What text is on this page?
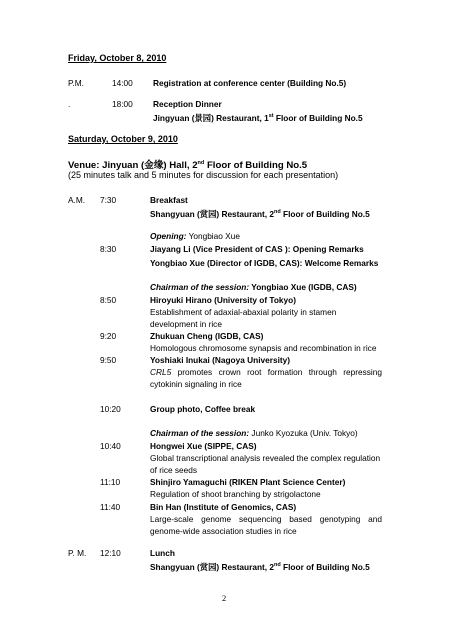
Friday, October 8, 2010
P.M.	14:00 Registration at conference center (Building No.5)
.	18:00 Reception Dinner
Jingyuan (景园) Restaurant, 1st Floor of Building No.5
Saturday, October 9, 2010
Venue: Jinyuan (金缘) Hall, 2nd Floor of Building No.5
(25 minutes talk and 5 minutes for discussion for each presentation)
A.M. 7:30	Breakfast
Shangyuan (赏园) Restaurant, 2nd Floor of Building No.5
Opening: Yongbiao Xue
8:30	Jiayang Li (Vice President of CAS ): Opening Remarks
Yongbiao Xue (Director of IGDB, CAS): Welcome Remarks
Chairman of the session: Yongbiao Xue (IGDB, CAS)
8:50	Hiroyuki Hirano (University of Tokyo)
Establishment of adaxial-abaxial polarity in stamen development in rice
9:20	Zhukuan Cheng (IGDB, CAS)
Homologous chromosome synapsis and recombination in rice
9:50	Yoshiaki Inukai (Nagoya University)
CRL5 promotes crown root formation through repressing cytokinin signaling in rice
10:20	Group photo, Coffee break
Chairman of the session: Junko Kyozuka (Univ. Tokyo)
10:40	Hongwei Xue (SIPPE, CAS)
Global transcriptional analysis revealed the complex regulation of rice seeds
11:10	Shinjiro Yamaguchi (RIKEN Plant Science Center)
Regulation of shoot branching by strigolactone
11:40	Bin Han (Institute of Genomics, CAS)
Large-scale genome sequencing based genotyping and genome-wide association studies in rice
P. M. 12:10	Lunch
Shangyuan (赏园) Restaurant, 2nd Floor of Building No.5
2
